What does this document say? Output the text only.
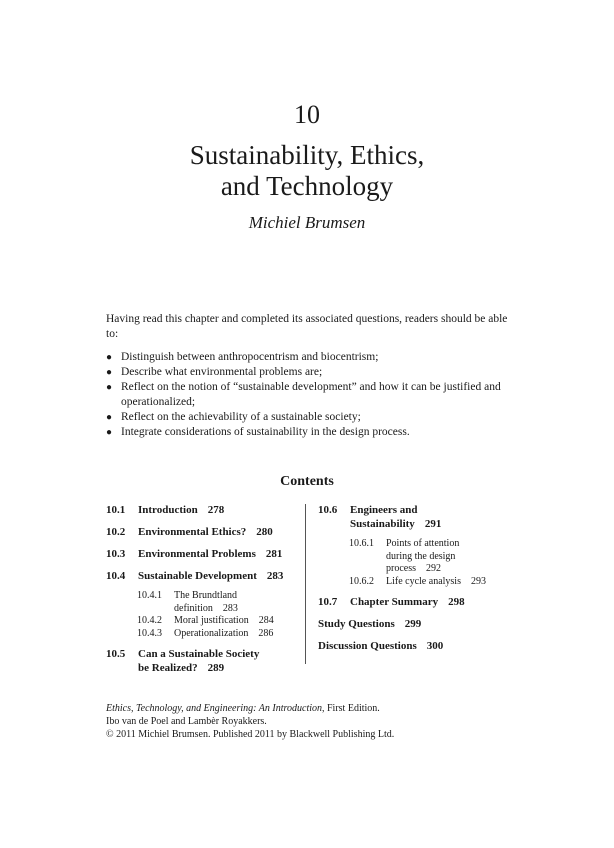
10
Sustainability, Ethics,
and Technology
Michiel Brumsen
Having read this chapter and completed its associated questions, readers should be able to:
● Distinguish between anthropocentrism and biocentrism;
● Describe what environmental problems are;
● Reflect on the notion of “sustainable development” and how it can be justified and operationalized;
● Reflect on the achievability of a sustainable society;
● Integrate considerations of sustainability in the design process.
Contents
10.1	Introduction 278
10.2	Environmental Ethics? 280
10.3	Environmental Problems 281
10.4	Sustainable Development 283
10.4.1	The Brundtland
definition 283
10.4.2	Moral justification 284
10.4.3	Operationalization 286
10.5	Can a Sustainable Society
be Realized? 289
10.6	Engineers and
Sustainability 291
10.6.1	Points of attention
during the design
process 292
10.6.2	Life cycle analysis 293
10.7	Chapter Summary 298
Study Questions 299
Discussion Questions 300
Ethics, Technology, and Engineering: An Introduction, First Edition.
Ibo van de Poel and Lambèr Royakkers.
© 2011 Michiel Brumsen. Published 2011 by Blackwell Publishing Ltd.
